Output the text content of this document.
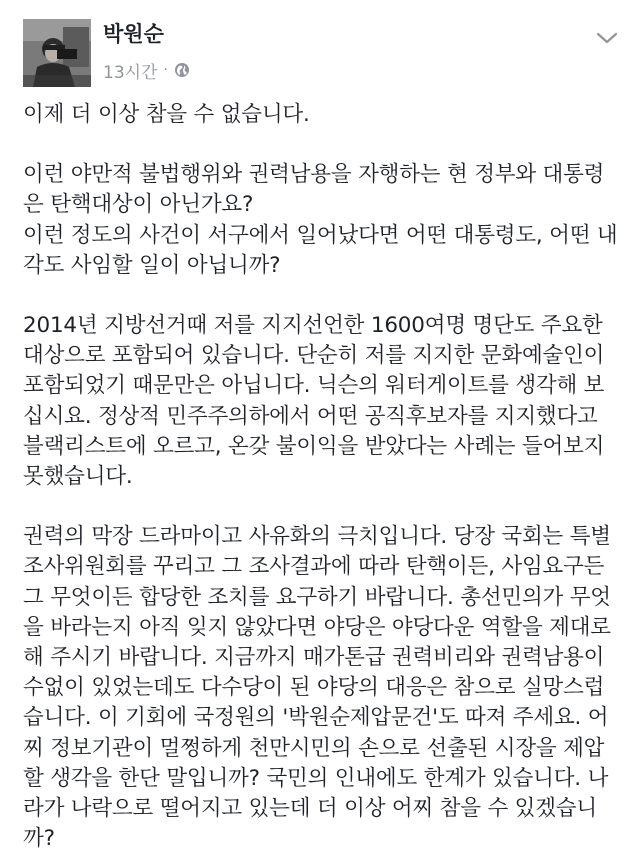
박원순
13시간 ·

이제 더 이상 참을 수 없습니다.

이런 야만적 불법행위와 권력남용을 자행하는 현 정부와 대통령
은 탄핵대상이 아닌가요?
이런 정도의 사건이 서구에서 일어났다면 어떤 대통령도, 어떤 내
각도 사임할 일이 아닙니까?

2014년 지방선거때 저를 지지선언한 1600여명 명단도 주요한
대상으로 포함되어 있습니다. 단순히 저를 지지한 문화예술인이
포함되었기 때문만은 아닙니다. 닉슨의 워터게이트를 생각해 보
십시요. 정상적 민주주의하에서 어떤 공직후보자를 지지했다고
블랙리스트에 오르고, 온갖 불이익을 받았다는 사례는 들어보지
못했습니다.

권력의 막장 드라마이고 사유화의 극치입니다. 당장 국회는 특별
조사위원회를 꾸리고 그 조사결과에 따라 탄핵이든, 사임요구든
그 무엇이든 합당한 조치를 요구하기 바랍니다. 총선민의가 무엇
을 바라는지 아직 잊지 않았다면 야당은 야당다운 역할을 제대로
해 주시기 바랍니다. 지금까지 매가톤급 권력비리와 권력남용이
수없이 있었는데도 다수당이 된 야당의 대응은 참으로 실망스럽
습니다. 이 기회에 국정원의 '박원순제압문건'도 따져 주세요. 어
찌 정보기관이 멀쩡하게 천만시민의 손으로 선출된 시장을 제압
할 생각을 한단 말입니까? 국민의 인내에도 한계가 있습니다. 나
라가 나락으로 떨어지고 있는데 더 이상 어찌 참을 수 있겠습니
까?
